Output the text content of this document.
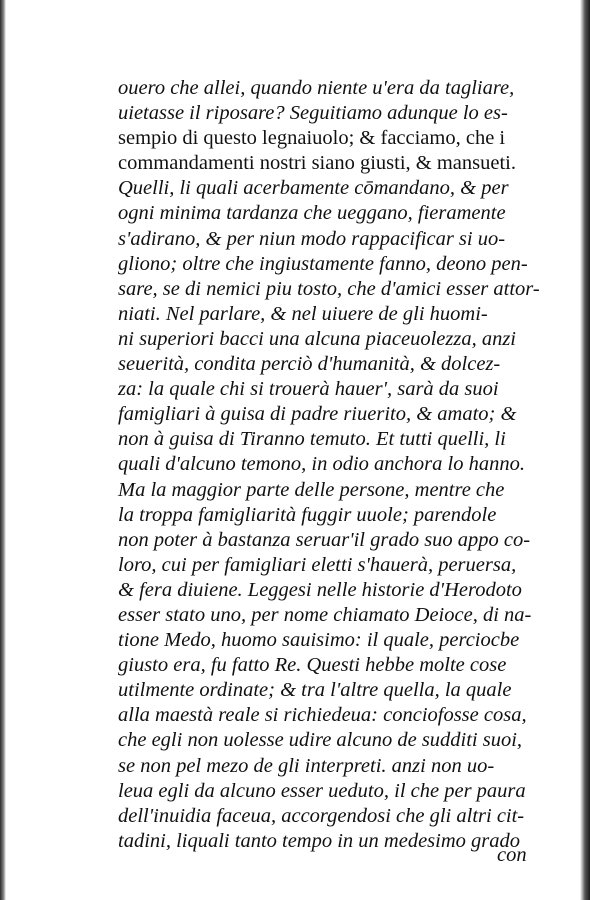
ouero che allei, quando niente u'era da tagliare,
uietasse il riposare? Seguitiamo adunque lo es-
sempio di questo legnaiuolo; & facciamo, che i
commandamenti nostri siano giusti, & mansueti.
Quelli, li quali acerbamente cōmandano, & per
ogni minima tardanza che ueggano, fieramente
s'adirano, & per niun modo rappacificar si uo-
gliono; oltre che ingiustamente fanno, deono pen-
sare, se di nemici piu tosto, che d'amici esser attor-
niati. Nel parlare, & nel uiuere de gli huomi-
ni superiori bacci una alcuna piaceuolezza, anzi
seuerità, condita perciò d'humanità, & dolcez-
za: la quale chi si trouerà hauer', sarà da suoi
famigliari à guisa di padre riuerito, & amato; &
non à guisa di Tiranno temuto. Et tutti quelli, li
quali d'alcuno temono, in odio anchora lo hanno.
Ma la maggior parte delle persone, mentre che
la troppa famigliarità fuggir uuole; parendole
non poter à bastanza seruar'il grado suo appo co-
loro, cui per famigliari eletti s'hauerà, peruersa,
& fera diuiene. Leggesi nelle historie d'Herodoto
esser stato uno, per nome chiamato Deioce, di na-
tione Medo, huomo sauisimo: il quale, perciocbe
giusto era, fu fatto Re. Questi hebbe molte cose
utilmente ordinate; & tra l'altre quella, la quale
alla maestà reale si richiedeua: conciofosse cosa,
che egli non uolesse udire alcuno de sudditi suoi,
se non pel mezo de gli interpreti. anzi non uo-
leua egli da alcuno esser ueduto, il che per paura
dell'inuidia faceua, accorgendosi che gli altri cit-
tadini, liquali tanto tempo in un medesimo grado
con
